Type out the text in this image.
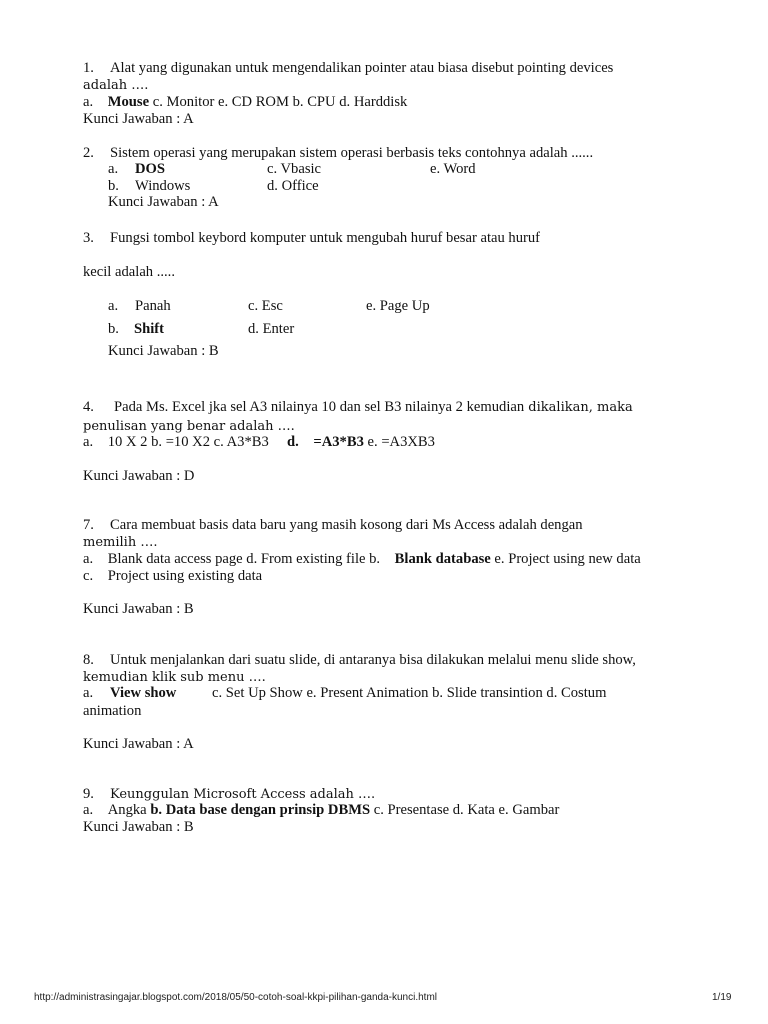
1. Alat yang digunakan untuk mengendalikan pointer atau biasa disebut pointing devices
adalah ….
a. Mouse c. Monitor e. CD ROM b. CPU d. Harddisk
Kunci Jawaban : A
2. Sistem operasi yang merupakan sistem operasi berbasis teks contohnya adalah ......
a. DOS	c. Vbasic	e. Word
b. Windows	d. Office
Kunci Jawaban : A
3. Fungsi tombol keybord komputer untuk mengubah huruf besar atau huruf
kecil adalah .....
a. Panah	c. Esc	e. Page Up
b. Shift	d. Enter
Kunci Jawaban : B
4. Pada Ms. Excel jka sel A3 nilainya 10 dan sel B3 nilainya 2 kemudian dikalikan, maka
penulisan yang benar adalah ….
a. 10 X 2 b. =10 X2 c. A3*B3 d. =A3*B3 e. =A3XB3
Kunci Jawaban : D
7. Cara membuat basis data baru yang masih kosong dari Ms Access adalah dengan
memilih ….
a. Blank data access page d. From existing file b. Blank database e. Project using new data
c. Project using existing data
Kunci Jawaban : B
8. Untuk menjalankan dari suatu slide, di antaranya bisa dilakukan melalui menu slide show,
kemudian klik sub menu ….
a. View show c. Set Up Show e. Present Animation b. Slide transintion d. Costum
animation
Kunci Jawaban : A
9. Keunggulan Microsoft Access adalah ….
a. Angka b. Data base dengan prinsip DBMS c. Presentase d. Kata e. Gambar
Kunci Jawaban : B
http://administrasingajar.blogspot.com/2018/05/50-cotoh-soal-kkpi-pilihan-ganda-kunci.html	1/19
